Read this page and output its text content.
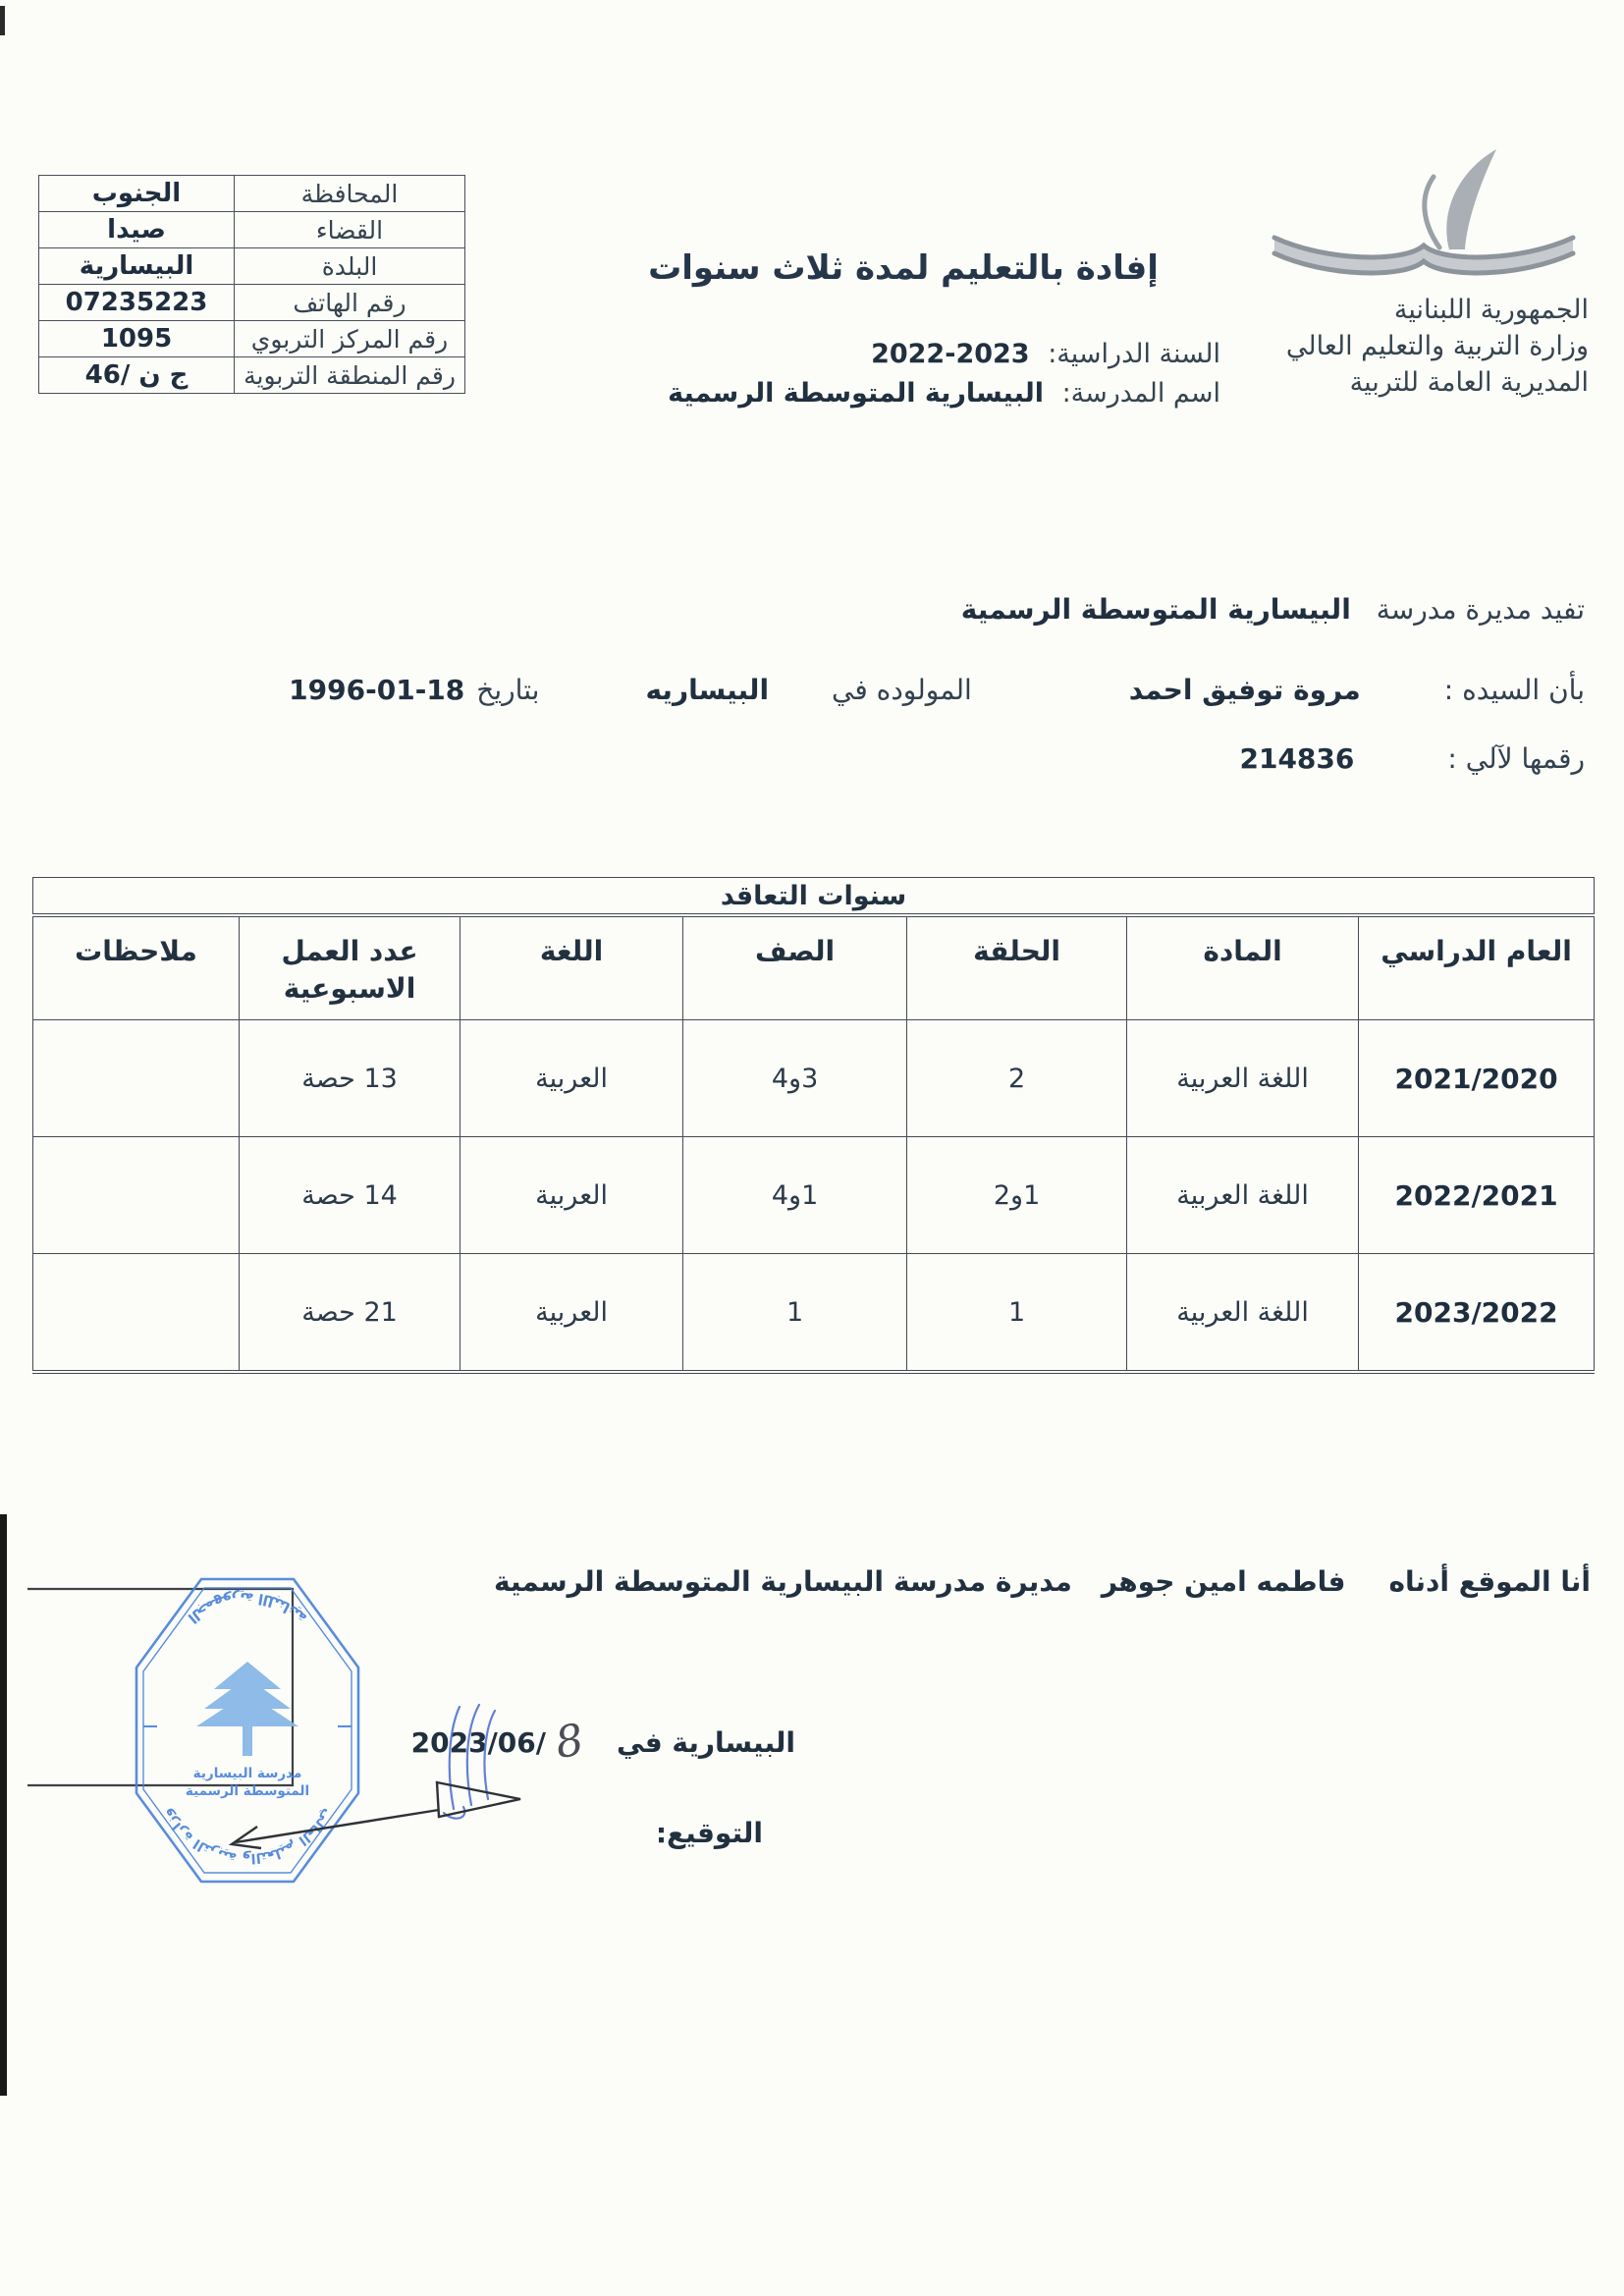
الجمهورية اللبنانية
وزارة التربية والتعليم العالي
المديرية العامة للتربية
المحافظة	الجنوب
القضاء	صيدا
البلدة	البيسارية
رقم الهاتف	07235223
رقم المركز التربوي	1095
رقم المنطقة التربوية	ج ن /46
إفادة بالتعليم لمدة ثلاث سنوات
السنة الدراسية: 2023-2022
اسم المدرسة: البيسارية المتوسطة الرسمية
تفيد مديرة مدرسة
البيسارية المتوسطة الرسمية
بأن السيده :
مروة توفيق احمد
المولوده في
البيساريه
بتاريخ
1996-01-18
رقمها لآلي :
214836
سنوات التعاقد						
العام الدراسي	المادة	الحلقة	الصف	اللغة	عدد العمل الاسبوعية	ملاحظات
2021/2020	اللغة العربية	2	3و4	العربية	13 حصة	
2022/2021	اللغة العربية	1و2	1و4	العربية	14 حصة	
2023/2022	اللغة العربية	1	1	العربية	21 حصة	
أنا الموقع أدناه
فاطمه امين جوهر
مديرة مدرسة
البيسارية المتوسطة الرسمية
البيسارية في
8
2023/06/
التوقيع:
الجمهورية اللبنانية
وزارة التربية والتعليم العالي
مدرسة البيسارية
المتوسطة الرسمية
